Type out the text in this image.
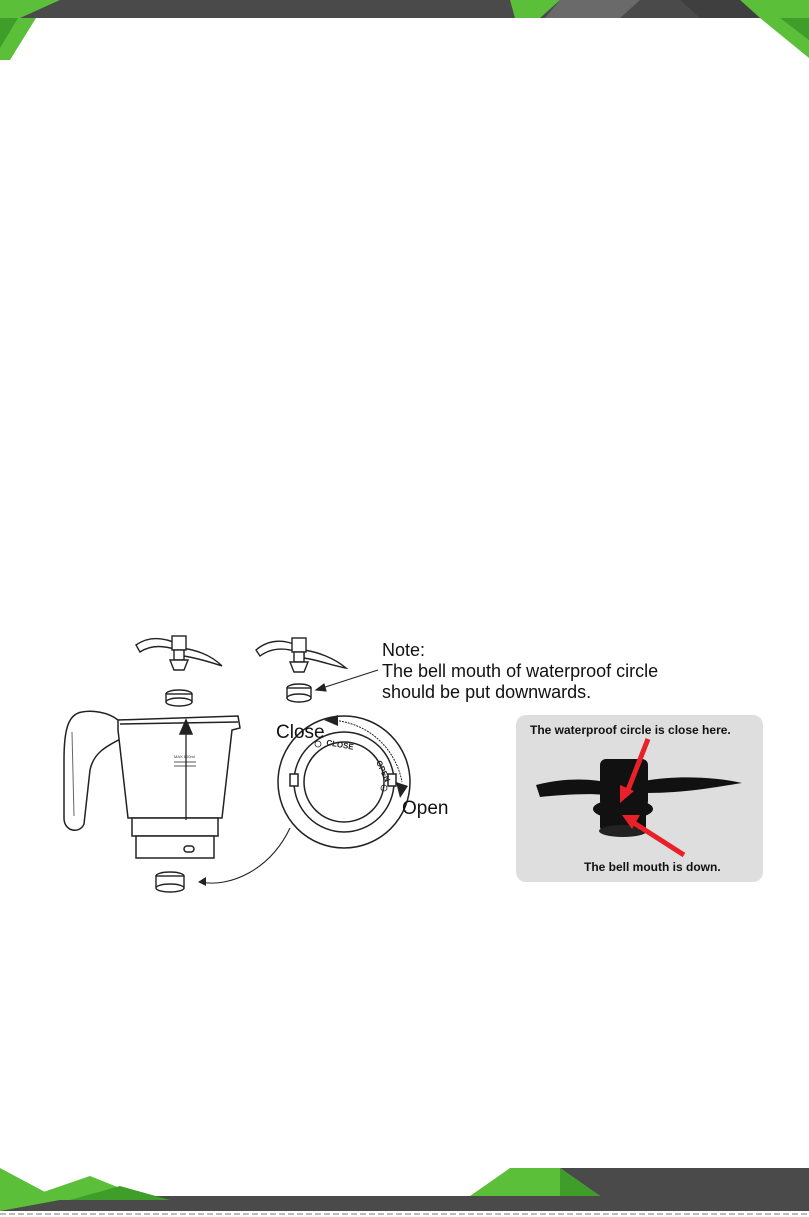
MAX 600ml
CLOSE
OPEN
Note:
The bell mouth of waterproof circle
should be put downwards.
Close
Open
The waterproof circle is close here.
The bell mouth is down.
